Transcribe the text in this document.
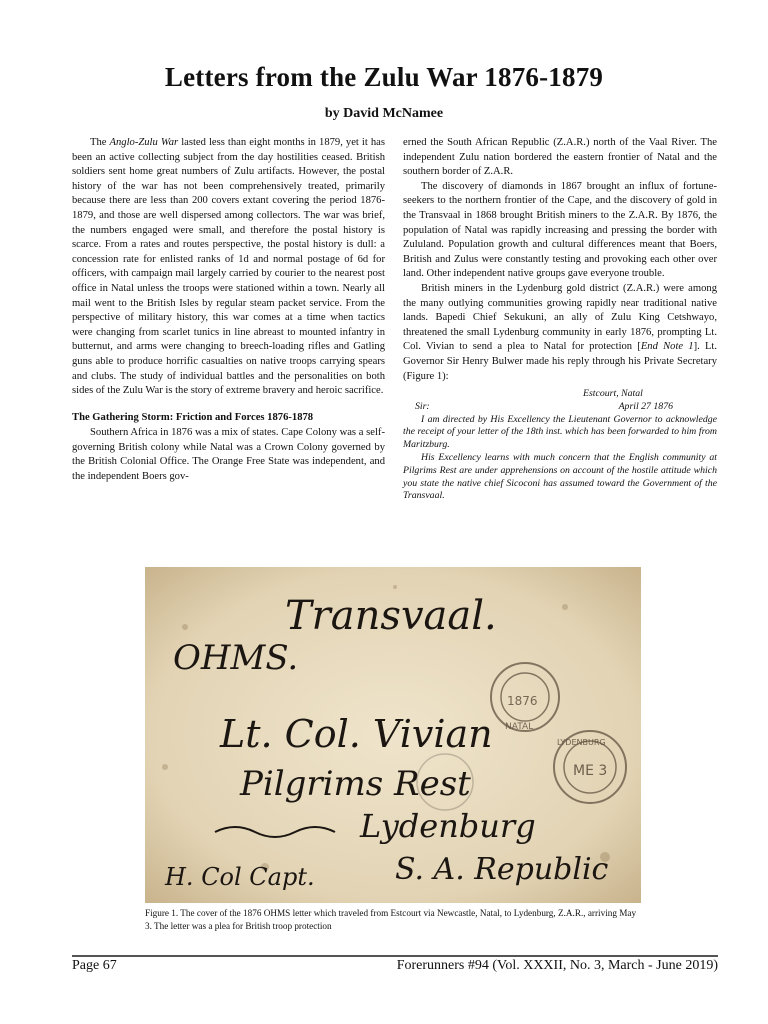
Letters from the Zulu War 1876-1879
by David McNamee

The Anglo-Zulu War lasted less than eight months in 1879, yet it has been an active collecting subject from the day hostilities ceased. British soldiers sent home great numbers of Zulu artifacts. However, the postal history of the war has not been comprehensively treated, primarily because there are less than 200 covers extant covering the period 1876-1879, and those are well dispersed among collectors. The war was brief, the numbers engaged were small, and therefore the postal history is scarce. From a rates and routes perspective, the postal history is dull: a concession rate for enlisted ranks of 1d and normal postage of 6d for officers, with campaign mail largely carried by courier to the nearest post office in Natal unless the troops were stationed within a town. Nearly all mail went to the British Isles by regular steam packet service. From the perspective of military history, this war comes at a time when tactics were changing from scarlet tunics in line abreast to mounted infantry in butternut, and arms were changing to breech-loading rifles and Gatling guns able to produce horrific casualties on native troops carrying spears and clubs. The study of individual battles and the personalities on both sides of the Zulu War is the story of extreme bravery and heroic sacrifice.

The Gathering Storm: Friction and Forces 1876-1878

Southern Africa in 1876 was a mix of states. Cape Colony was a self-governing British colony while Natal was a Crown Colony governed by the British Colonial Office. The Orange Free State was independent, and the independent Boers gov-

erned the South African Republic (Z.A.R.) north of the Vaal River. The independent Zulu nation bordered the eastern frontier of Natal and the southern border of Z.A.R.

The discovery of diamonds in 1867 brought an influx of fortune-seekers to the northern frontier of the Cape, and the discovery of gold in the Transvaal in 1868 brought British miners to the Z.A.R. By 1876, the population of Natal was rapidly increasing and pressing the border with Zululand. Population growth and cultural differences meant that Boers, British and Zulus were constantly testing and provoking each other over land. Other independent native groups gave everyone trouble.

British miners in the Lydenburg gold district (Z.A.R.) were among the many outlying communities growing rapidly near traditional native lands. Bapedi Chief Sekukuni, an ally of Zulu King Cetshwayo, threatened the small Lydenburg community in early 1876, prompting Lt. Col. Vivian to send a plea to Natal for protection [End Note 1]. Lt. Governor Sir Henry Bulwer made his reply through his Private Secretary (Figure 1):

Estcourt, Natal
Sir:	April 27 1876

I am directed by His Excellency the Lieutenant Governor to acknowledge the receipt of your letter of the 18th inst. which has been forwarded to him from Maritzburg.

His Excellency learns with much concern that the English community at Pilgrims Rest are under apprehensions on account of the hostile attitude which you state the native chief Sicoconi has assumed toward the Government of the Transvaal.

Transvaal.
OHMS.
Lt. Col. Vivian
Pilgrims Rest
Lydenburg
S. A. Republic
H. Col Capt.
1876
NATAL
LYDENBURG
ME 3
Figure 1. The cover of the 1876 OHMS letter which traveled from Estcourt via Newcastle, Natal, to Lydenburg, Z.A.R., arriving May 3. The letter was a plea for British troop protection
Page 67	Forerunners #94 (Vol. XXXII, No. 3, March - June 2019)
